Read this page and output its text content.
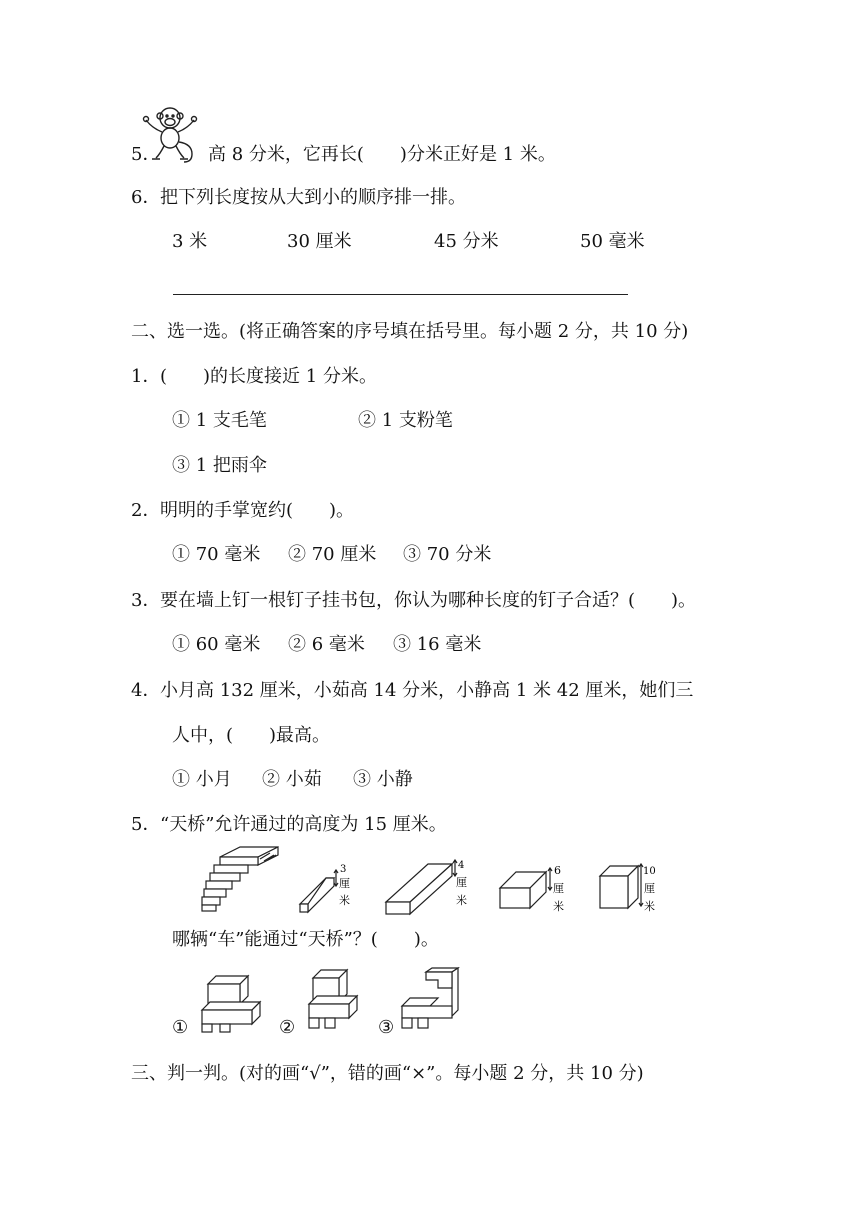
5．	高 8 分米，它再长(　　)分米正好是 1 米。
6． 把下列长度按从大到小的顺序排一排。
3 米	30 厘米	45 分米	50 毫米
二、选一选。(将正确答案的序号填在括号里。每小题 2 分，共 10 分)
1． (　　)的长度接近 1 分米。
① 1 支毛笔	② 1 支粉笔
③ 1 把雨伞
2． 明明的手掌宽约(　　)。
① 70 毫米 ② 70 厘米 ③ 70 分米
3． 要在墙上钉一根钉子挂书包，你认为哪种长度的钉子合适？(　　)。
① 60 毫米 ② 6 毫米 ③ 16 毫米
4． 小月高 132 厘米，小茹高 14 分米，小静高 1 米 42 厘米，她们三
人中，(　　)最高。
① 小月 ② 小茹 ③ 小静
5． “天桥”允许通过的高度为 15 厘米。
3
厘
米
4
厘
米
6
厘
米
10
厘
米
哪辆“车”能通过“天桥”？(　　)。
①	②	③
三、判一判。(对的画“√”，错的画“×”。每小题 2 分，共 10 分)
